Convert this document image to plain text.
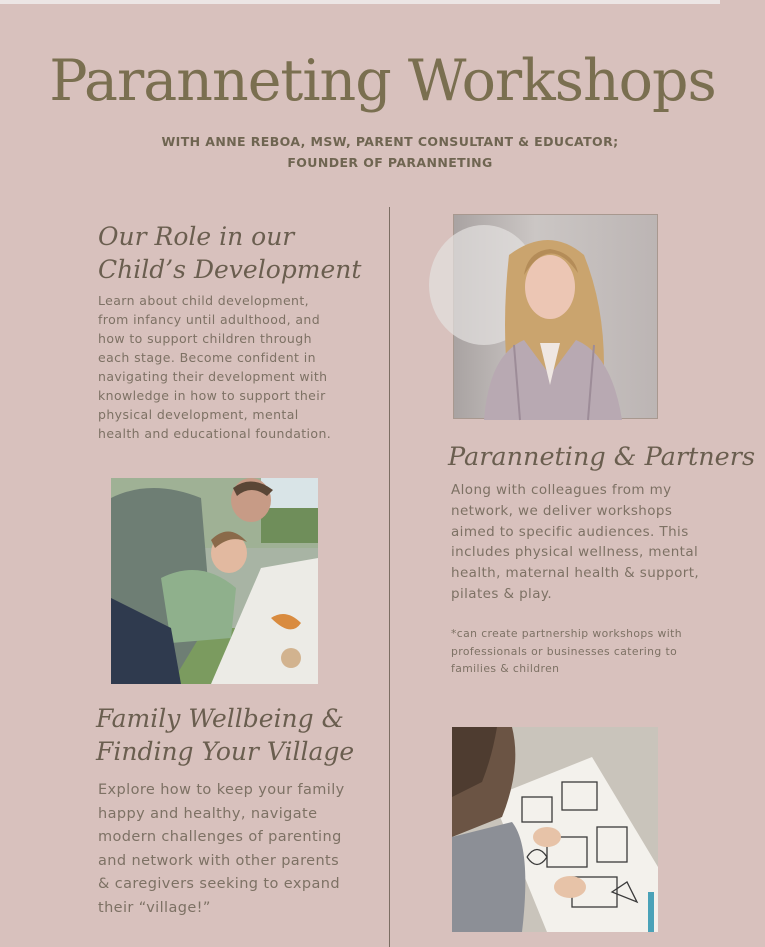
Paranneting Workshops
WITH ANNE REBOA, MSW, PARENT CONSULTANT & EDUCATOR;
FOUNDER OF PARANNETING
Our Role in our
Child’s Development
Learn about child development, from infancy until adulthood, and how to support children through each stage. Become confident in navigating their development with knowledge in how to support their physical development, mental health and educational foundation.
Paranneting & Partners
Along with colleagues from my network, we deliver workshops aimed to specific audiences. This includes physical wellness, mental health, maternal health & support, pilates & play.
*can create partnership workshops with professionals or businesses catering to families & children
Family Wellbeing &
Finding Your Village
Explore how to keep your family happy and healthy, navigate modern challenges of parenting and network with other parents & caregivers seeking to expand their “village!”
